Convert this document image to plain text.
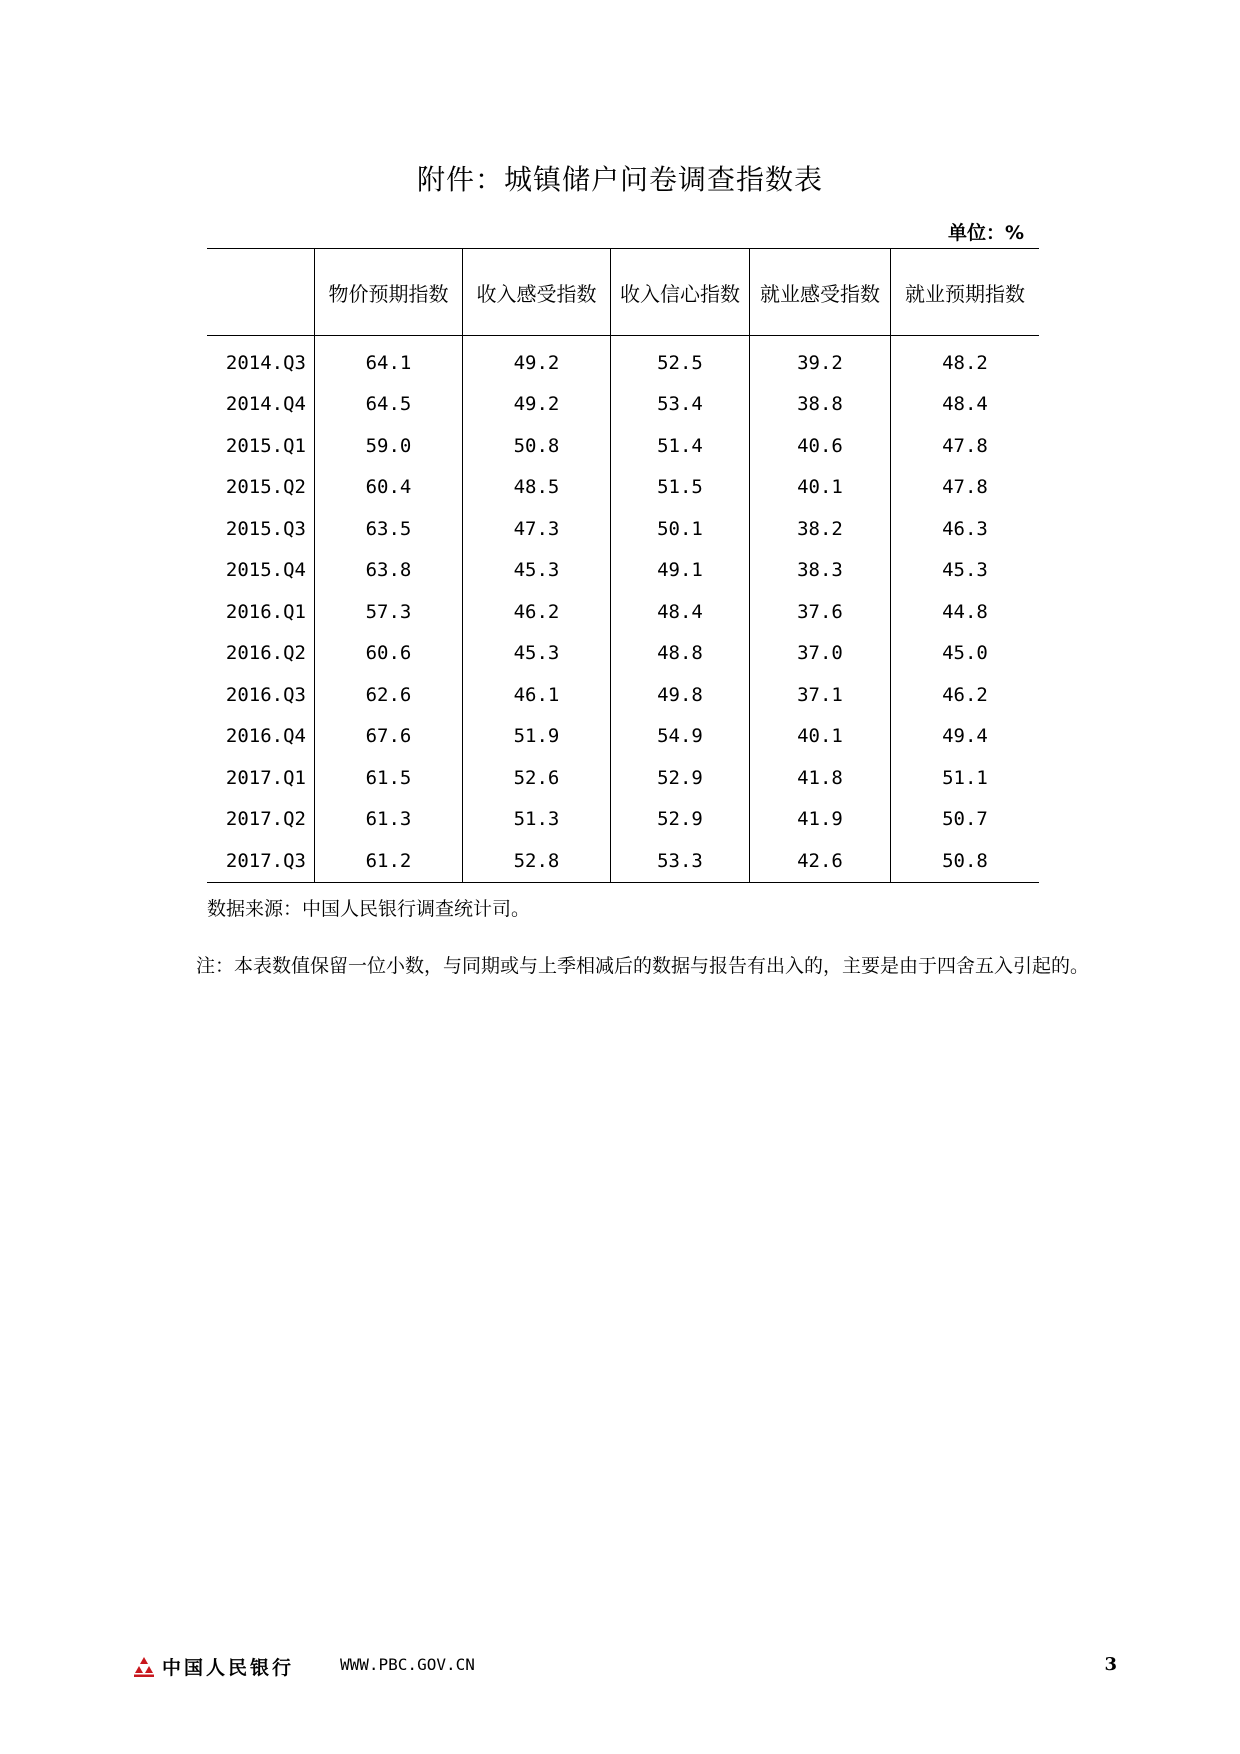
附件：城镇储户问卷调查指数表
单位：%
	物价预期指数	收入感受指数	收入信心指数	就业感受指数	就业预期指数
2014.Q3	64.1	49.2	52.5	39.2	48.2
2014.Q4	64.5	49.2	53.4	38.8	48.4
2015.Q1	59.0	50.8	51.4	40.6	47.8
2015.Q2	60.4	48.5	51.5	40.1	47.8
2015.Q3	63.5	47.3	50.1	38.2	46.3
2015.Q4	63.8	45.3	49.1	38.3	45.3
2016.Q1	57.3	46.2	48.4	37.6	44.8
2016.Q2	60.6	45.3	48.8	37.0	45.0
2016.Q3	62.6	46.1	49.8	37.1	46.2
2016.Q4	67.6	51.9	54.9	40.1	49.4
2017.Q1	61.5	52.6	52.9	41.8	51.1
2017.Q2	61.3	51.3	52.9	41.9	50.7
2017.Q3	61.2	52.8	53.3	42.6	50.8
数据来源：中国人民银行调查统计司。
注：本表数值保留一位小数，与同期或与上季相减后的数据与报告有出入的，主要是由于四舍五入引起的。
中国人民银行	WWW.PBC.GOV.CN	3
